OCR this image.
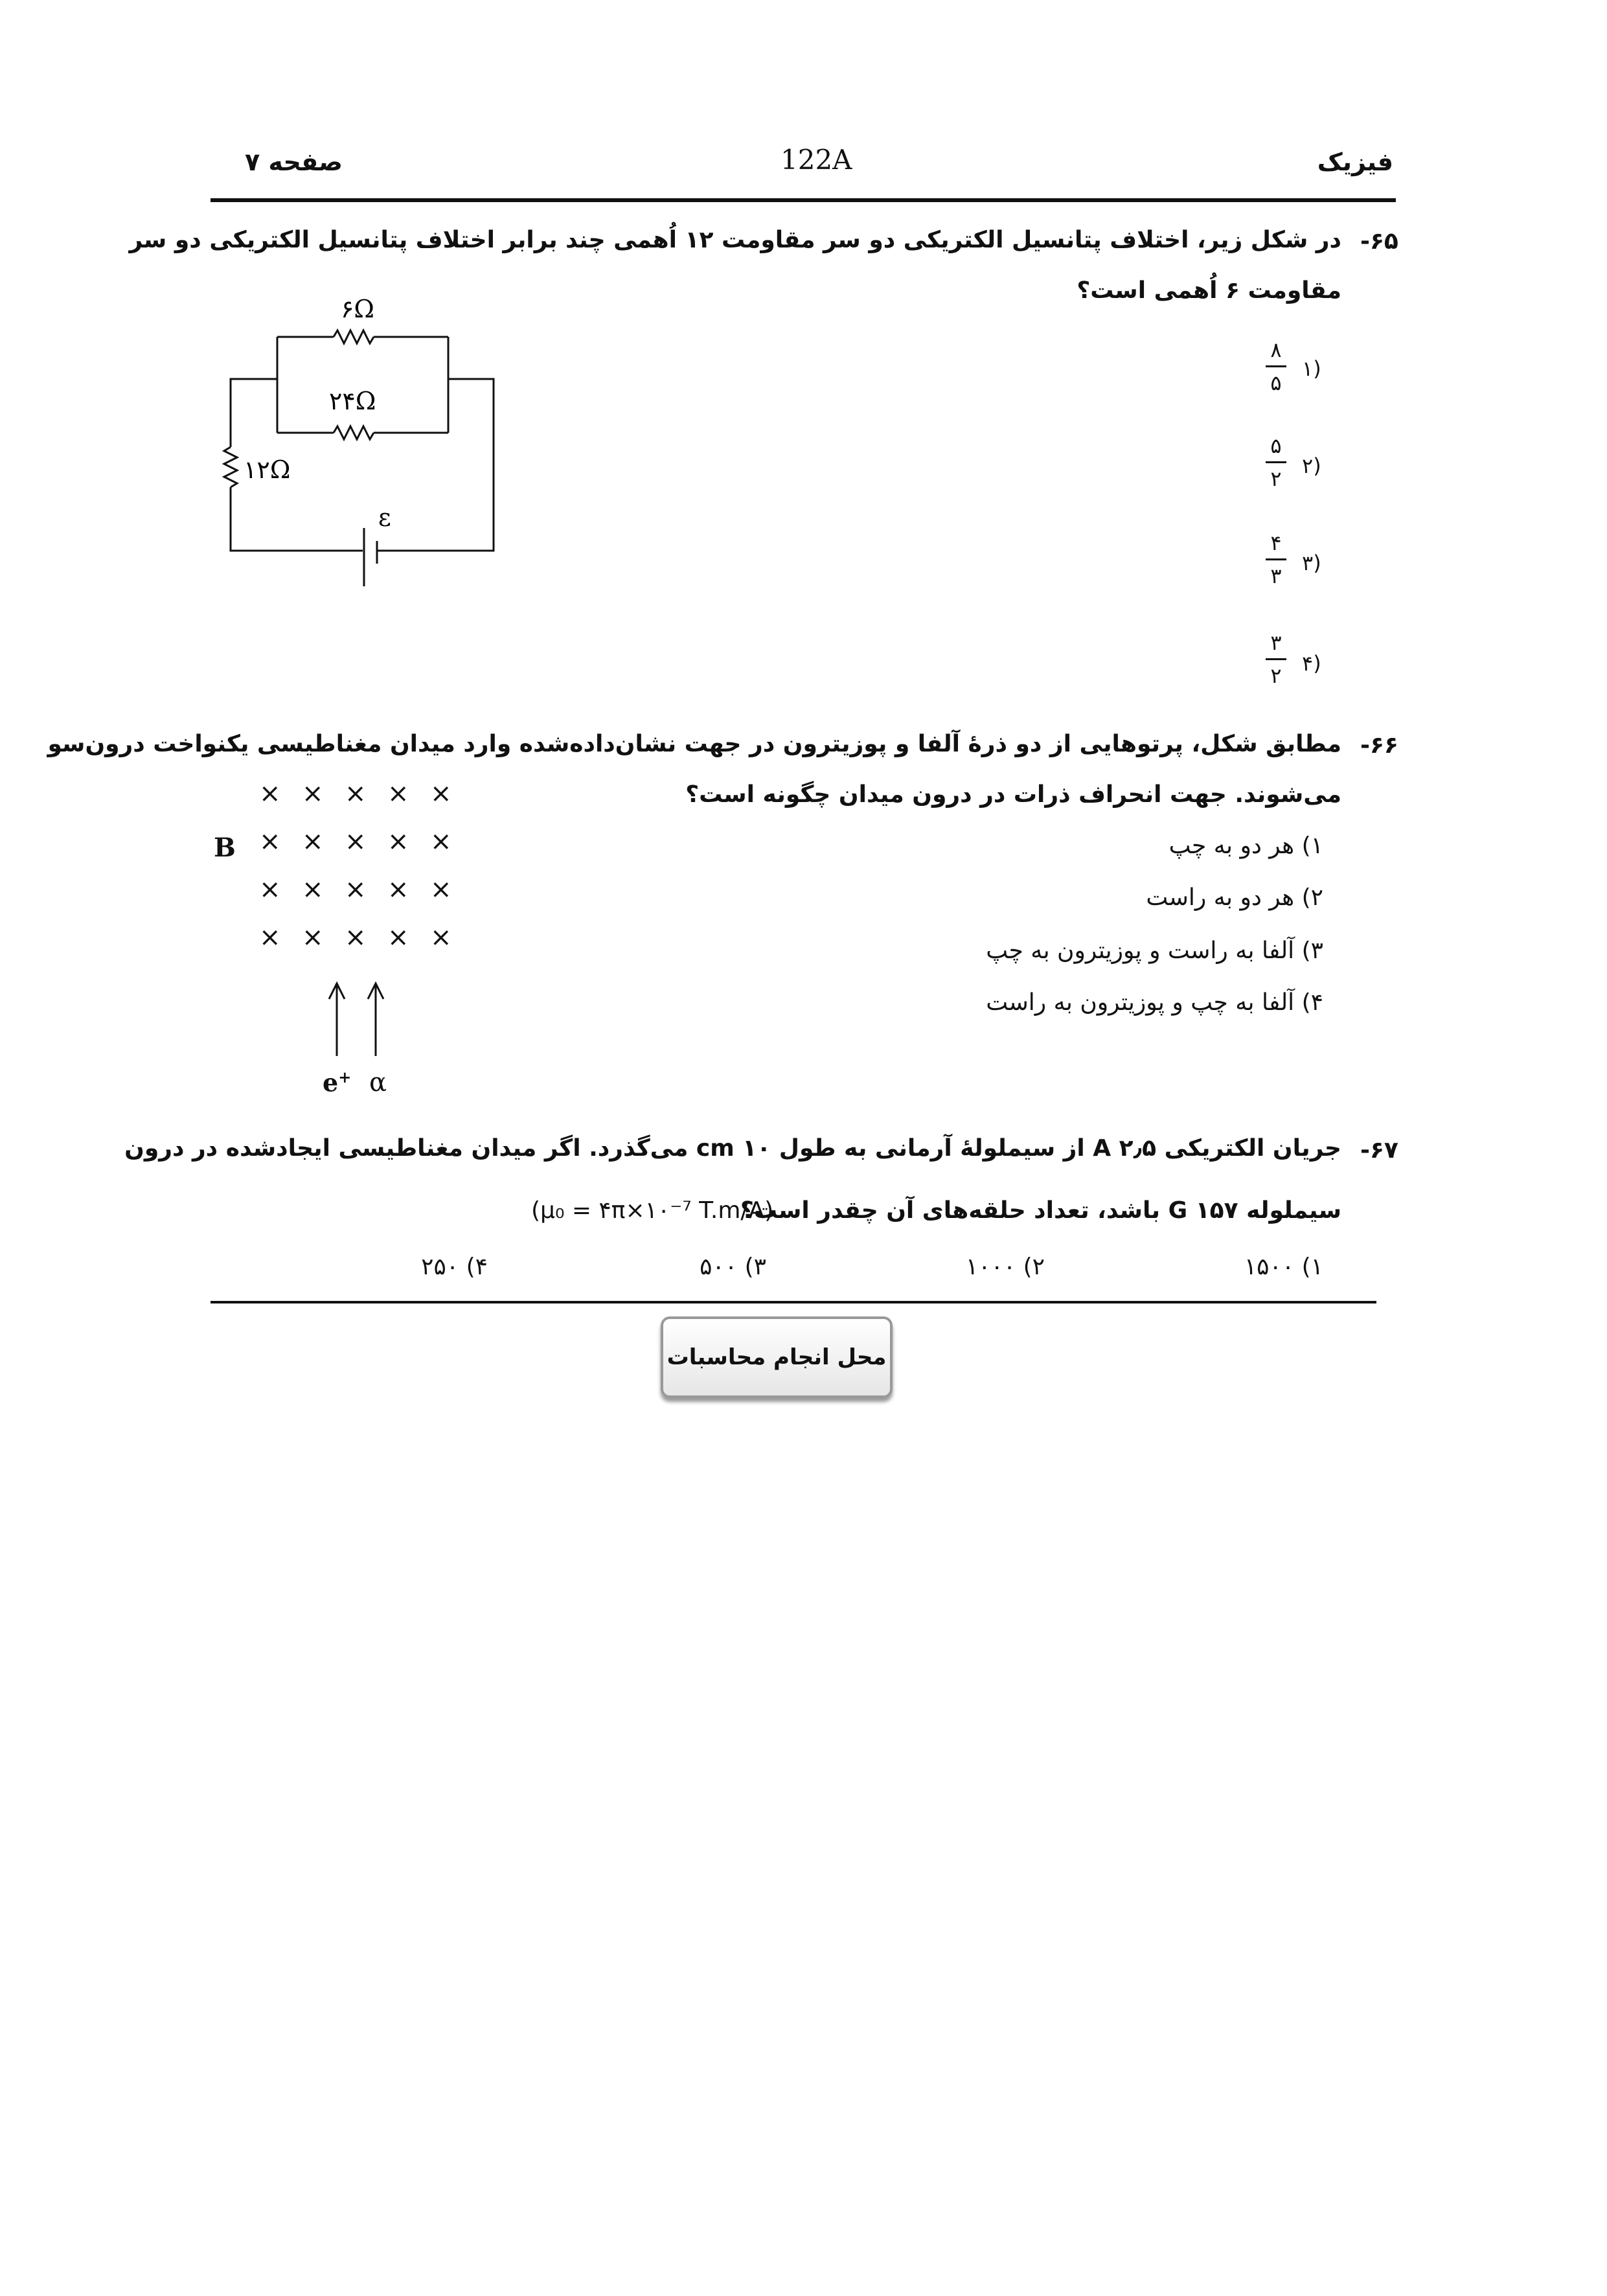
فیزیک
122A
صفحه ۷
-۶۵
در شکل زیر، اختلاف پتانسیل الکتریکی دو سر مقاومت ۱۲ اُهمی چند برابر اختلاف پتانسیل الکتریکی دو سر
مقاومت ۶ اُهمی است؟
۱)
۸
۵
۲)
۵
۲
۳)
۴
۳
۴)
۳
۲
۶Ω
۲۴Ω
۱۲Ω
ε
-۶۶
مطابق شکل، پرتوهایی از دو ذرهٔ آلفا و پوزیترون در جهت نشان‌داده‌شده وارد میدان مغناطیسی یکنواخت درون‌سو
می‌شوند. جهت انحراف ذرات در درون میدان چگونه است؟
۱) هر دو به چپ
۲) هر دو به راست
۳) آلفا به راست و پوزیترون به چپ
۴) آلفا به چپ و پوزیترون به راست
× × × × ×
× × × × ×
× × × × ×
× × × × ×
B
e+ α
-۶۷
جریان الکتریکی A ۲٫۵ از سیملولهٔ آرمانی به طول cm ۱۰ می‌گذرد. اگر میدان مغناطیسی ایجادشده در درون
سیملوله G ۱۵۷ باشد، تعداد حلقه‌های آن چقدر است؟
(μ₀ = ۴π×۱۰⁻⁷ T.m/A)
۱) ۱۵۰۰
۲) ۱۰۰۰
۳) ۵۰۰
۴) ۲۵۰
محل انجام محاسبات
